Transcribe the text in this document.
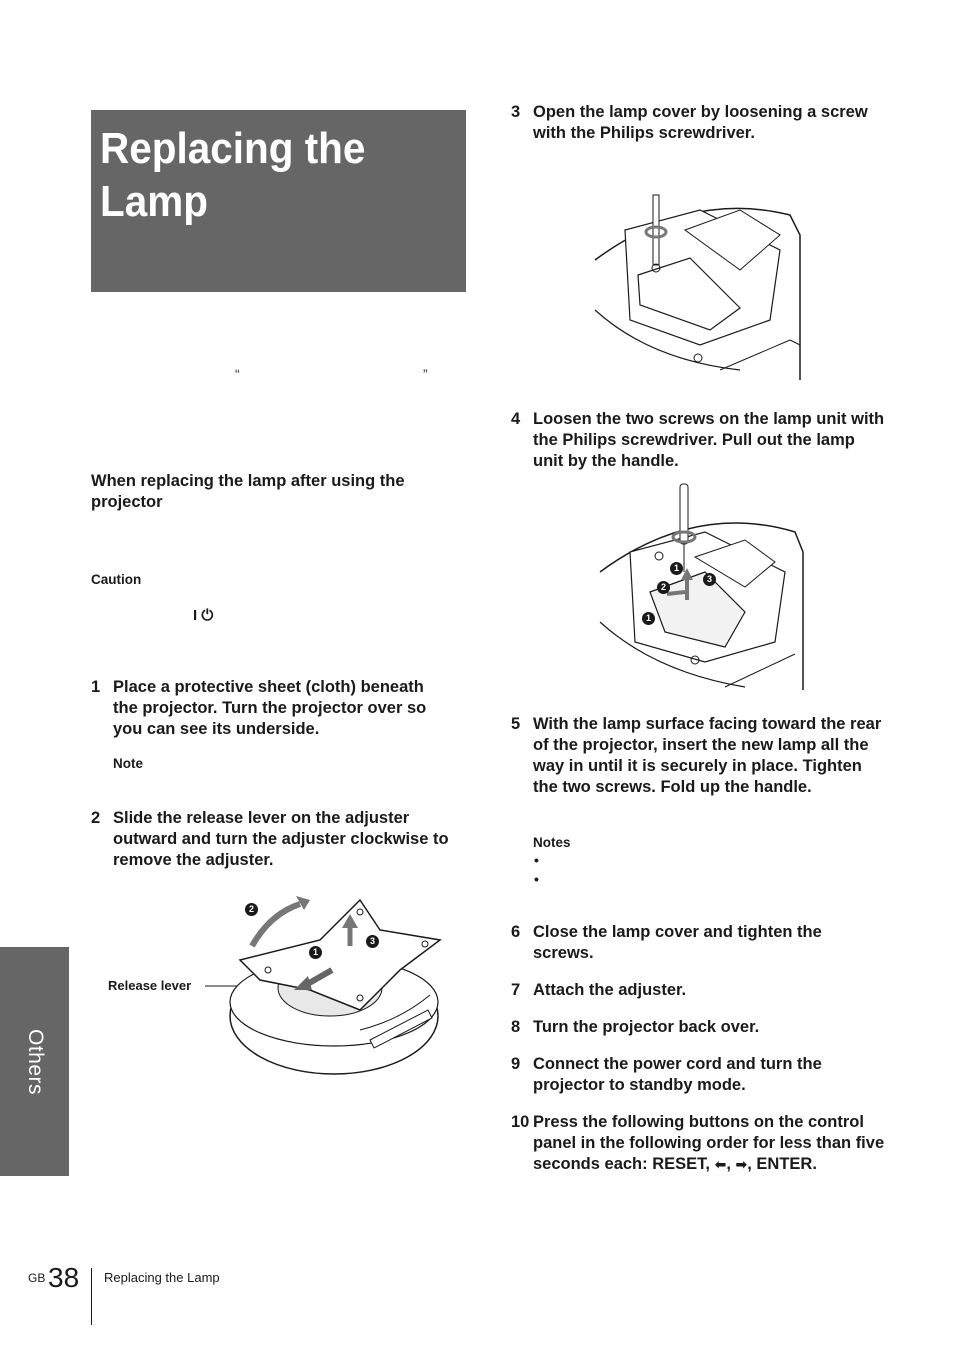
Replacing the
Lamp
“	”
When replacing the lamp after using the projector
Caution
I ⏻
1 Place a protective sheet (cloth) beneath the projector. Turn the projector over so you can see its underside.
Note
2 Slide the release lever on the adjuster outward and turn the adjuster clockwise to remove the adjuster.
Release lever
2
1
3
3 Open the lamp cover by loosening a screw with the Philips screwdriver.
4 Loosen the two screws on the lamp unit with the Philips screwdriver. Pull out the lamp unit by the handle.
1
3
2
1
5 With the lamp surface facing toward the rear of the projector, insert the new lamp all the way in until it is securely in place. Tighten the two screws. Fold up the handle.
Notes
•
•
6 Close the lamp cover and tighten the screws.
7 Attach the adjuster.
8 Turn the projector back over.
9 Connect the power cord and turn the projector to standby mode.
10 Press the following buttons on the control panel in the following order for less than five seconds each: RESET, ⬅, ➡, ENTER.
Others
GB 38 Replacing the Lamp
